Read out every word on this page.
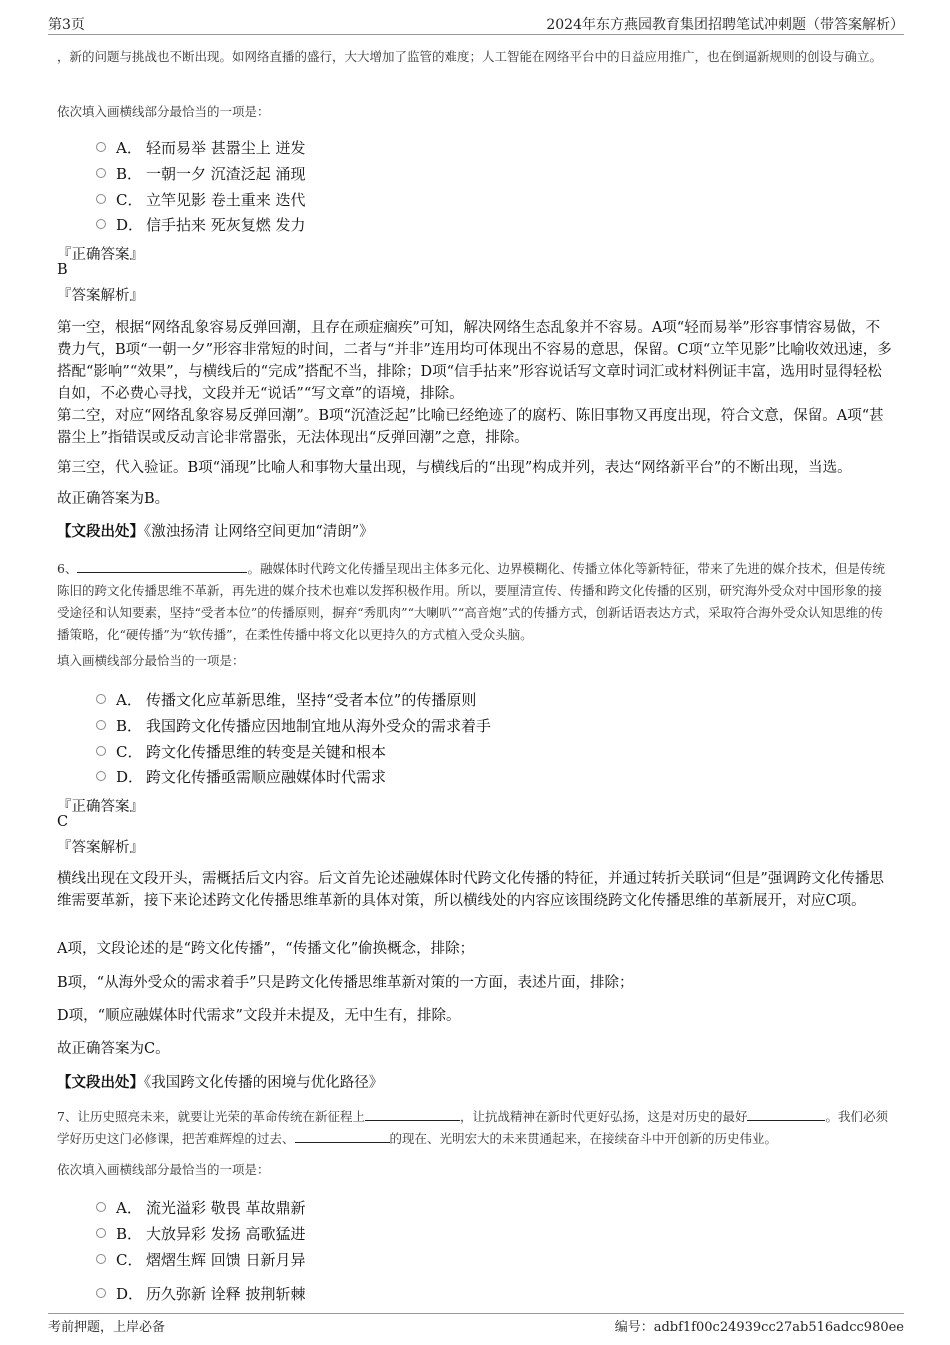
第3页	2024年东方燕园教育集团招聘笔试冲刺题（带答案解析）

，新的问题与挑战也不断出现。如网络直播的盛行，大大增加了监管的难度；人工智能在网络平台中的日益应用推广，也在倒逼新规则的创设与确立。

依次填入画横线部分最恰当的一项是：

A． 轻而易举 甚嚣尘上 迸发
B． 一朝一夕 沉渣泛起 涌现
C． 立竿见影 卷土重来 迭代
D． 信手拈来 死灰复燃 发力
『正确答案』
B
『答案解析』

第一空，根据“网络乱象容易反弹回潮，且存在顽症痼疾”可知，解决网络生态乱象并不容易。A项“轻而易举”形容事情容易做，不费力气，B项“一朝一夕”形容非常短的时间，二者与“并非”连用均可体现出不容易的意思，保留。C项“立竿见影”比喻收效迅速，多搭配“影响”“效果”，与横线后的“完成”搭配不当，排除；D项“信手拈来”形容说话写文章时词汇或材料例证丰富，选用时显得轻松自如，不必费心寻找，文段并无“说话”“写文章”的语境，排除。

第二空，对应“网络乱象容易反弹回潮”。B项“沉渣泛起”比喻已经绝迹了的腐朽、陈旧事物又再度出现，符合文意，保留。A项“甚嚣尘上”指错误或反动言论非常嚣张，无法体现出“反弹回潮”之意，排除。

第三空，代入验证。B项“涌现”比喻人和事物大量出现，与横线后的“出现”构成并列，表达“网络新平台”的不断出现，当选。

故正确答案为B。

【文段出处】《激浊扬清 让网络空间更加“清朗”》

6、	。融媒体时代跨文化传播呈现出主体多元化、边界模糊化、传播立体化等新特征，带来了先进的媒介技术，但是传统陈旧的跨文化传播思维不革新，再先进的媒介技术也难以发挥积极作用。所以，要厘清宣传、传播和跨文化传播的区别，研究海外受众对中国形象的接受途径和认知要素，坚持“受者本位”的传播原则，摒弃“秀肌肉”“大喇叭”“高音炮”式的传播方式，创新话语表达方式，采取符合海外受众认知思维的传播策略，化“硬传播”为“软传播”，在柔性传播中将文化以更持久的方式植入受众头脑。

填入画横线部分最恰当的一项是：

A． 传播文化应革新思维，坚持“受者本位”的传播原则
B． 我国跨文化传播应因地制宜地从海外受众的需求着手
C． 跨文化传播思维的转变是关键和根本
D． 跨文化传播亟需顺应融媒体时代需求
『正确答案』
C
『答案解析』

横线出现在文段开头，需概括后文内容。后文首先论述融媒体时代跨文化传播的特征，并通过转折关联词“但是”强调跨文化传播思维需要革新，接下来论述跨文化传播思维革新的具体对策，所以横线处的内容应该围绕跨文化传播思维的革新展开，对应C项。

A项，文段论述的是“跨文化传播”，“传播文化”偷换概念，排除；

B项，“从海外受众的需求着手”只是跨文化传播思维革新对策的一方面，表述片面，排除；

D项，“顺应融媒体时代需求”文段并未提及，无中生有，排除。

故正确答案为C。

【文段出处】《我国跨文化传播的困境与优化路径》

7、让历史照亮未来，就要让光荣的革命传统在新征程上	，让抗战精神在新时代更好弘扬，这是对历史的最好	。我们必须学好历史这门必修课，把苦难辉煌的过去、	的现在、光明宏大的未来贯通起来，在接续奋斗中开创新的历史伟业。

依次填入画横线部分最恰当的一项是：

A． 流光溢彩 敬畏 革故鼎新
B． 大放异彩 发扬 高歌猛进
C． 熠熠生辉 回馈 日新月异
D． 历久弥新 诠释 披荆斩棘
考前押题，上岸必备	编号：adbf1f00c24939cc27ab516adcc980ee
